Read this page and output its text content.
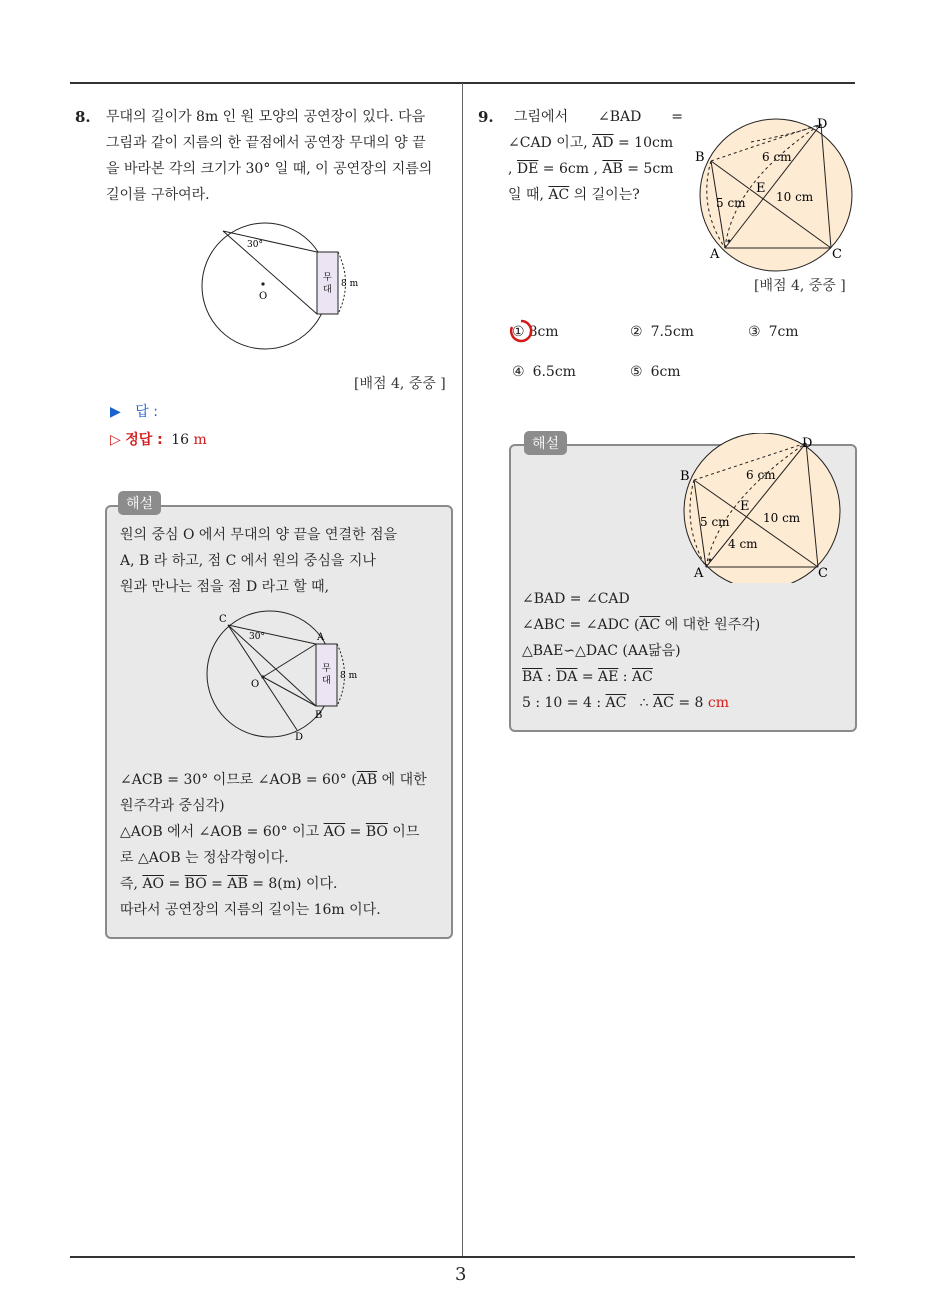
3
8. 무대의 길이가 8m 인 원 모양의 공연장이 있다. 다음
그림과 같이 지름의 한 끝점에서 공연장 무대의 양 끝
을 바라본 각의 크기가 30° 일 때, 이 공연장의 지름의
길이를 구하여라.
30°
O
무
대
8 m
[배점 4, 중중 ]
▶ 답 :
▷ 정답 : 16 m
해설
원의 중심 O 에서 무대의 양 끝을 연결한 점을
A, B 라 하고, 점 C 에서 원의 중심을 지나
원과 만나는 점을 점 D 라고 할 때,
C
A
O
B
D
30°
무
대 8 m
∠ACB = 30° 이므로 ∠AOB = 60° ($\overline{AB}$ 에 대한
원주각과 중심각)
△AOB 에서 ∠AOB = 60° 이고 $\overline{AO} = \overline{BO}$ 이므
로 △AOB 는 정삼각형이다.
즉, $\overline{AO} = \overline{BO} = \overline{AB} = 8(m)$ 이다.
따라서 공연장의 지름의 길이는 16m 이다.
9. 그림에서 ∠BAD =
∠CAD 이고, $\overline{AD} = 10cm$
, $\overline{DE} = 6cm$ , $\overline{AB} = 5cm$
일 때, $\overline{AC}$ 의 길이는?
D
B
E
A	C
6 cm
10 cm
5 cm
[배점 4, 중중 ]
① 8cm	② 7.5cm	③ 7cm
④ 6.5cm	⑤ 6cm
해설	D
B
E
A	C
6 cm
10 cm
5 cm
4 cm
∠BAD = ∠CAD
∠ABC = ∠ADC ($\overline{AC}$ 에 대한 원주각)
△BAE∽△DAC (AA닮음)
$\overline{BA}$ : $\overline{DA} = \overline{AE}$ : $\overline{AC}$
5 : 10 = 4 : $\overline{AC}$   ∴ $\overline{AC} = 8$ cm
